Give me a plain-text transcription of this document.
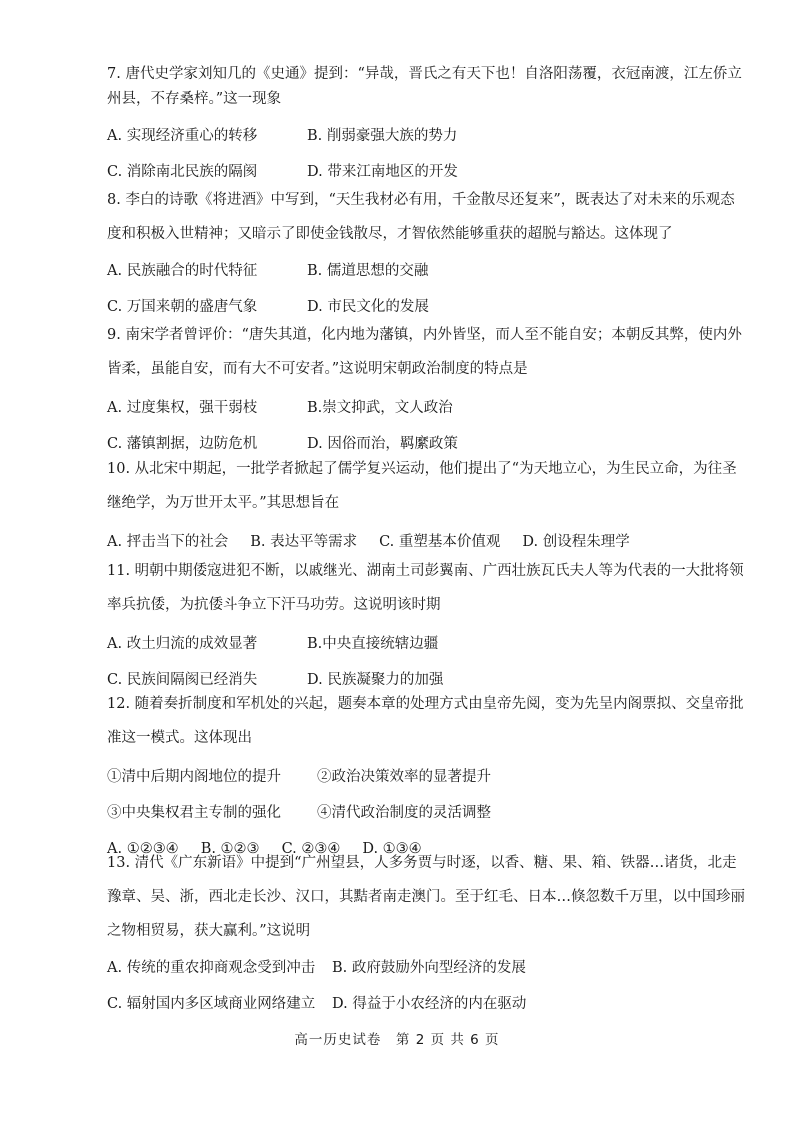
7. 唐代史学家刘知几的《史通》提到：“异哉，晋氏之有天下也！自洛阳荡覆，衣冠南渡，江左侨立州县，不存桑梓。”这一现象

A. 实现经济重心的转移	B. 削弱豪强大族的势力
C. 消除南北民族的隔阂	D. 带来江南地区的开发

8. 李白的诗歌《将进酒》中写到，“天生我材必有用，千金散尽还复来”，既表达了对未来的乐观态度和积极入世精神；又暗示了即使金钱散尽，才智依然能够重获的超脱与豁达。这体现了

A. 民族融合的时代特征	B. 儒道思想的交融
C. 万国来朝的盛唐气象	D. 市民文化的发展

9. 南宋学者曾评价：“唐失其道，化内地为藩镇，内外皆坚，而人至不能自安；本朝反其弊，使内外皆柔，虽能自安，而有大不可安者。”这说明宋朝政治制度的特点是

A. 过度集权，强干弱枝	B.崇文抑武，文人政治
C. 藩镇割据，边防危机	D. 因俗而治，羁縻政策

10. 从北宋中期起，一批学者掀起了儒学复兴运动，他们提出了“为天地立心，为生民立命，为往圣继绝学，为万世开太平。”其思想旨在

A. 抨击当下的社会 B. 表达平等需求 C. 重塑基本价值观 D. 创设程朱理学

11. 明朝中期倭寇进犯不断，以戚继光、湖南土司彭翼南、广西壮族瓦氏夫人等为代表的一大批将领率兵抗倭，为抗倭斗争立下汗马功劳。这说明该时期

A. 改土归流的成效显著	B.中央直接统辖边疆
C. 民族间隔阂已经消失	D. 民族凝聚力的加强

12. 随着奏折制度和军机处的兴起，题奏本章的处理方式由皇帝先阅，变为先呈内阁票拟、交皇帝批准这一模式。这体现出

①清中后期内阁地位的提升	②政治决策效率的显著提升
③中央集权君主专制的强化	④清代政治制度的灵活调整
A. ①②③④ B. ①②③ C. ②③④ D. ①③④

13. 清代《广东新语》中提到“广州望县，人多务贾与时逐，以香、糖、果、箱、铁器…诸货，北走豫章、吴、浙，西北走长沙、汉口，其黠者南走澳门。至于红毛、日本…倏忽数千万里，以中国珍丽之物相贸易，获大赢利。”这说明

A. 传统的重农抑商观念受到冲击	B. 政府鼓励外向型经济的发展
C. 辐射国内多区域商业网络建立	D. 得益于小农经济的内在驱动
高一历史试卷　第 2 页 共 6 页
